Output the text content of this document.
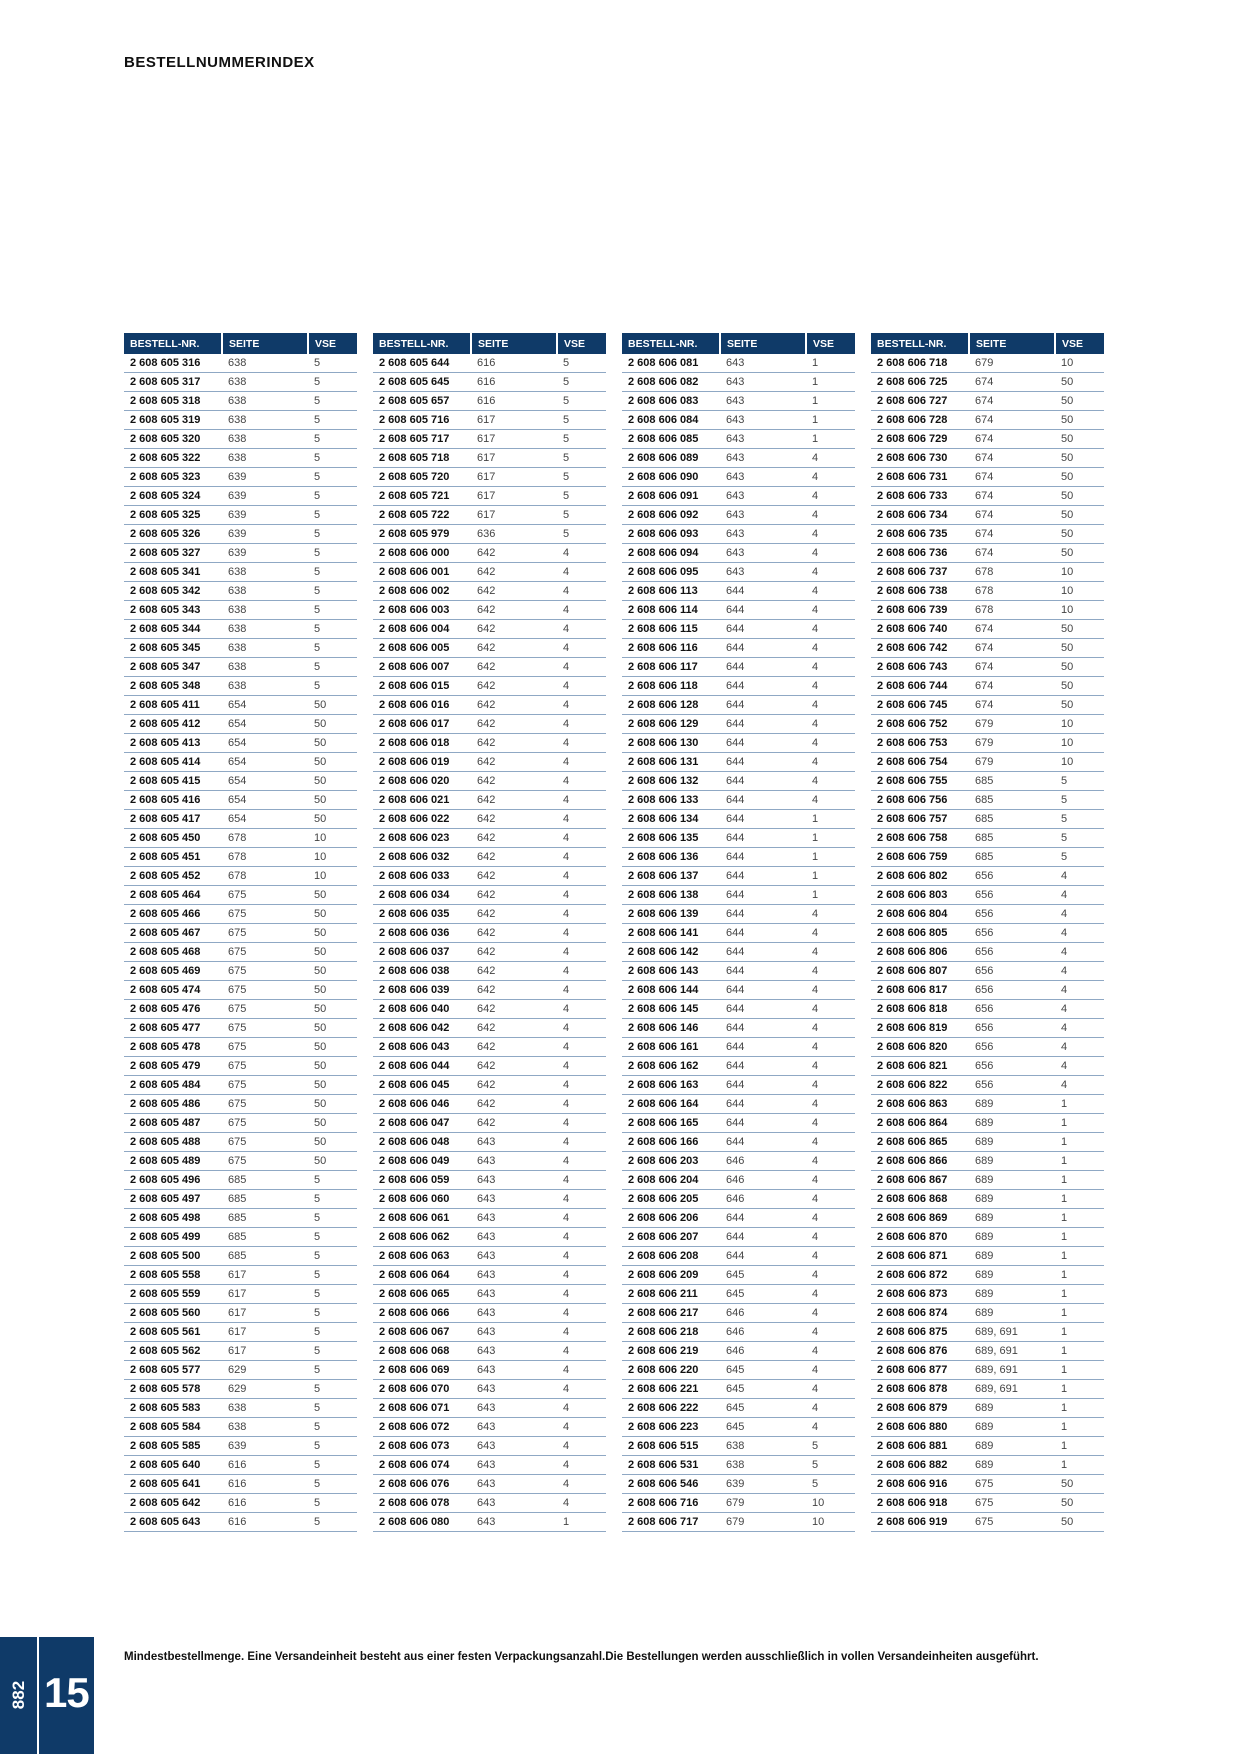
BESTELLNUMMERINDEX
BESTELL-NR.	SEITE	VSE
2 608 605 316	638	5
2 608 605 317	638	5
2 608 605 318	638	5
2 608 605 319	638	5
2 608 605 320	638	5
2 608 605 322	638	5
2 608 605 323	639	5
2 608 605 324	639	5
2 608 605 325	639	5
2 608 605 326	639	5
2 608 605 327	639	5
2 608 605 341	638	5
2 608 605 342	638	5
2 608 605 343	638	5
2 608 605 344	638	5
2 608 605 345	638	5
2 608 605 347	638	5
2 608 605 348	638	5
2 608 605 411	654	50
2 608 605 412	654	50
2 608 605 413	654	50
2 608 605 414	654	50
2 608 605 415	654	50
2 608 605 416	654	50
2 608 605 417	654	50
2 608 605 450	678	10
2 608 605 451	678	10
2 608 605 452	678	10
2 608 605 464	675	50
2 608 605 466	675	50
2 608 605 467	675	50
2 608 605 468	675	50
2 608 605 469	675	50
2 608 605 474	675	50
2 608 605 476	675	50
2 608 605 477	675	50
2 608 605 478	675	50
2 608 605 479	675	50
2 608 605 484	675	50
2 608 605 486	675	50
2 608 605 487	675	50
2 608 605 488	675	50
2 608 605 489	675	50
2 608 605 496	685	5
2 608 605 497	685	5
2 608 605 498	685	5
2 608 605 499	685	5
2 608 605 500	685	5
2 608 605 558	617	5
2 608 605 559	617	5
2 608 605 560	617	5
2 608 605 561	617	5
2 608 605 562	617	5
2 608 605 577	629	5
2 608 605 578	629	5
2 608 605 583	638	5
2 608 605 584	638	5
2 608 605 585	639	5
2 608 605 640	616	5
2 608 605 641	616	5
2 608 605 642	616	5
2 608 605 643	616	5
BESTELL-NR.	SEITE	VSE
2 608 605 644	616	5
2 608 605 645	616	5
2 608 605 657	616	5
2 608 605 716	617	5
2 608 605 717	617	5
2 608 605 718	617	5
2 608 605 720	617	5
2 608 605 721	617	5
2 608 605 722	617	5
2 608 605 979	636	5
2 608 606 000	642	4
2 608 606 001	642	4
2 608 606 002	642	4
2 608 606 003	642	4
2 608 606 004	642	4
2 608 606 005	642	4
2 608 606 007	642	4
2 608 606 015	642	4
2 608 606 016	642	4
2 608 606 017	642	4
2 608 606 018	642	4
2 608 606 019	642	4
2 608 606 020	642	4
2 608 606 021	642	4
2 608 606 022	642	4
2 608 606 023	642	4
2 608 606 032	642	4
2 608 606 033	642	4
2 608 606 034	642	4
2 608 606 035	642	4
2 608 606 036	642	4
2 608 606 037	642	4
2 608 606 038	642	4
2 608 606 039	642	4
2 608 606 040	642	4
2 608 606 042	642	4
2 608 606 043	642	4
2 608 606 044	642	4
2 608 606 045	642	4
2 608 606 046	642	4
2 608 606 047	642	4
2 608 606 048	643	4
2 608 606 049	643	4
2 608 606 059	643	4
2 608 606 060	643	4
2 608 606 061	643	4
2 608 606 062	643	4
2 608 606 063	643	4
2 608 606 064	643	4
2 608 606 065	643	4
2 608 606 066	643	4
2 608 606 067	643	4
2 608 606 068	643	4
2 608 606 069	643	4
2 608 606 070	643	4
2 608 606 071	643	4
2 608 606 072	643	4
2 608 606 073	643	4
2 608 606 074	643	4
2 608 606 076	643	4
2 608 606 078	643	4
2 608 606 080	643	1
BESTELL-NR.	SEITE	VSE
2 608 606 081	643	1
2 608 606 082	643	1
2 608 606 083	643	1
2 608 606 084	643	1
2 608 606 085	643	1
2 608 606 089	643	4
2 608 606 090	643	4
2 608 606 091	643	4
2 608 606 092	643	4
2 608 606 093	643	4
2 608 606 094	643	4
2 608 606 095	643	4
2 608 606 113	644	4
2 608 606 114	644	4
2 608 606 115	644	4
2 608 606 116	644	4
2 608 606 117	644	4
2 608 606 118	644	4
2 608 606 128	644	4
2 608 606 129	644	4
2 608 606 130	644	4
2 608 606 131	644	4
2 608 606 132	644	4
2 608 606 133	644	4
2 608 606 134	644	1
2 608 606 135	644	1
2 608 606 136	644	1
2 608 606 137	644	1
2 608 606 138	644	1
2 608 606 139	644	4
2 608 606 141	644	4
2 608 606 142	644	4
2 608 606 143	644	4
2 608 606 144	644	4
2 608 606 145	644	4
2 608 606 146	644	4
2 608 606 161	644	4
2 608 606 162	644	4
2 608 606 163	644	4
2 608 606 164	644	4
2 608 606 165	644	4
2 608 606 166	644	4
2 608 606 203	646	4
2 608 606 204	646	4
2 608 606 205	646	4
2 608 606 206	644	4
2 608 606 207	644	4
2 608 606 208	644	4
2 608 606 209	645	4
2 608 606 211	645	4
2 608 606 217	646	4
2 608 606 218	646	4
2 608 606 219	646	4
2 608 606 220	645	4
2 608 606 221	645	4
2 608 606 222	645	4
2 608 606 223	645	4
2 608 606 515	638	5
2 608 606 531	638	5
2 608 606 546	639	5
2 608 606 716	679	10
2 608 606 717	679	10
BESTELL-NR.	SEITE	VSE
2 608 606 718	679	10
2 608 606 725	674	50
2 608 606 727	674	50
2 608 606 728	674	50
2 608 606 729	674	50
2 608 606 730	674	50
2 608 606 731	674	50
2 608 606 733	674	50
2 608 606 734	674	50
2 608 606 735	674	50
2 608 606 736	674	50
2 608 606 737	678	10
2 608 606 738	678	10
2 608 606 739	678	10
2 608 606 740	674	50
2 608 606 742	674	50
2 608 606 743	674	50
2 608 606 744	674	50
2 608 606 745	674	50
2 608 606 752	679	10
2 608 606 753	679	10
2 608 606 754	679	10
2 608 606 755	685	5
2 608 606 756	685	5
2 608 606 757	685	5
2 608 606 758	685	5
2 608 606 759	685	5
2 608 606 802	656	4
2 608 606 803	656	4
2 608 606 804	656	4
2 608 606 805	656	4
2 608 606 806	656	4
2 608 606 807	656	4
2 608 606 817	656	4
2 608 606 818	656	4
2 608 606 819	656	4
2 608 606 820	656	4
2 608 606 821	656	4
2 608 606 822	656	4
2 608 606 863	689	1
2 608 606 864	689	1
2 608 606 865	689	1
2 608 606 866	689	1
2 608 606 867	689	1
2 608 606 868	689	1
2 608 606 869	689	1
2 608 606 870	689	1
2 608 606 871	689	1
2 608 606 872	689	1
2 608 606 873	689	1
2 608 606 874	689	1
2 608 606 875	689, 691	1
2 608 606 876	689, 691	1
2 608 606 877	689, 691	1
2 608 606 878	689, 691	1
2 608 606 879	689	1
2 608 606 880	689	1
2 608 606 881	689	1
2 608 606 882	689	1
2 608 606 916	675	50
2 608 606 918	675	50
2 608 606 919	675	50
Mindestbestellmenge. Eine Versandeinheit besteht aus einer festen Verpackungsanzahl.Die Bestellungen werden ausschließlich in vollen Versandeinheiten ausgeführt.
882 15
